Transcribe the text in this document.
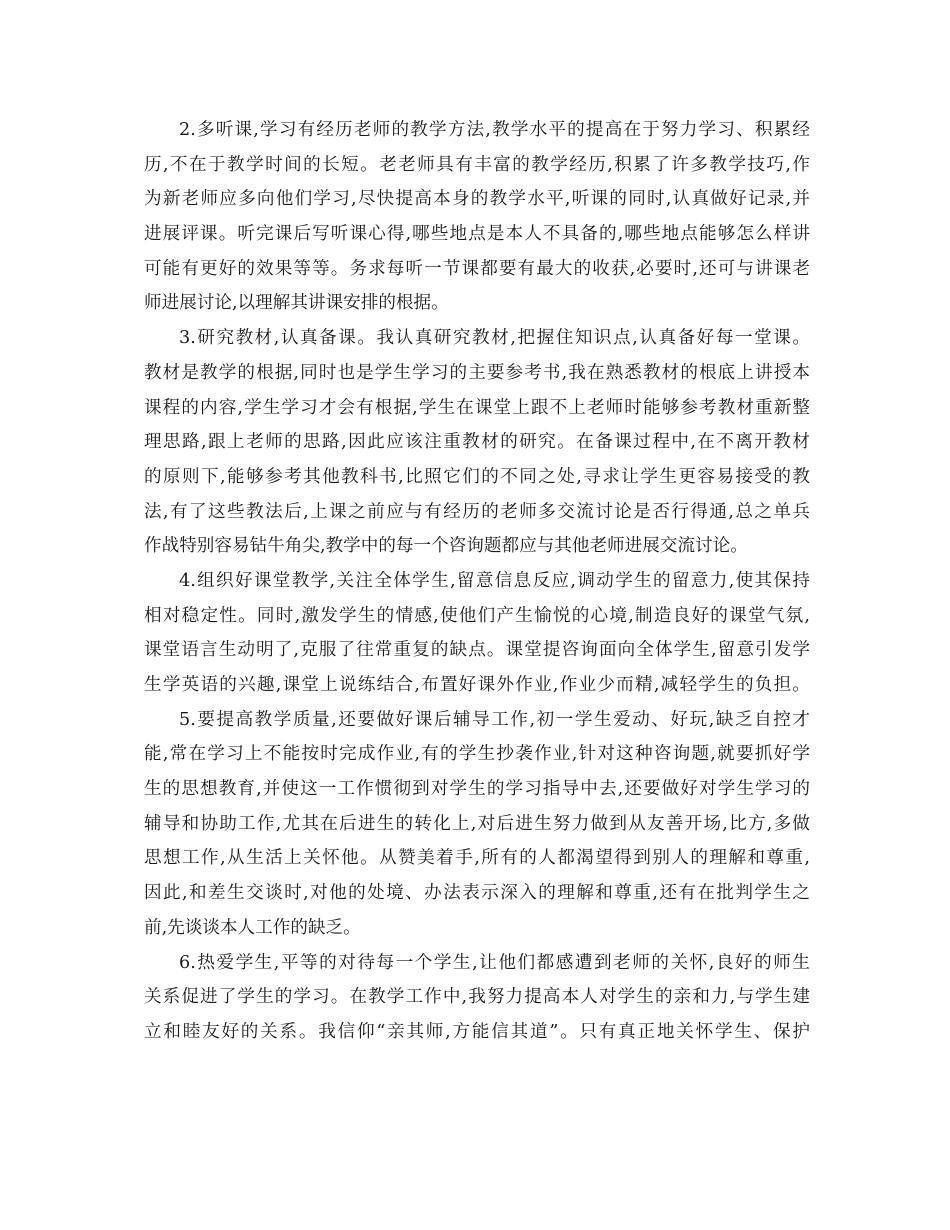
2.多听课,学习有经历老师的教学方法,教学水平的提高在于努力学习、积累经
历,不在于教学时间的长短。老老师具有丰富的教学经历,积累了许多教学技巧,作
为新老师应多向他们学习,尽快提高本身的教学水平,听课的同时,认真做好记录,并
进展评课。听完课后写听课心得,哪些地点是本人不具备的,哪些地点能够怎么样讲
可能有更好的效果等等。务求每听一节课都要有最大的收获,必要时,还可与讲课老
师进展讨论,以理解其讲课安排的根据。
3.研究教材,认真备课。我认真研究教材,把握住知识点,认真备好每一堂课。
教材是教学的根据,同时也是学生学习的主要参考书,我在熟悉教材的根底上讲授本
课程的内容,学生学习才会有根据,学生在课堂上跟不上老师时能够参考教材重新整
理思路,跟上老师的思路,因此应该注重教材的研究。在备课过程中,在不离开教材
的原则下,能够参考其他教科书,比照它们的不同之处,寻求让学生更容易接受的教
法,有了这些教法后,上课之前应与有经历的老师多交流讨论是否行得通,总之单兵
作战特别容易钻牛角尖,教学中的每一个咨询题都应与其他老师进展交流讨论。
4.组织好课堂教学,关注全体学生,留意信息反应,调动学生的留意力,使其保持
相对稳定性。同时,激发学生的情感,使他们产生愉悦的心境,制造良好的课堂气氛,
课堂语言生动明了,克服了往常重复的缺点。课堂提咨询面向全体学生,留意引发学
生学英语的兴趣,课堂上说练结合,布置好课外作业,作业少而精,减轻学生的负担。
5.要提高教学质量,还要做好课后辅导工作,初一学生爱动、好玩,缺乏自控才
能,常在学习上不能按时完成作业,有的学生抄袭作业,针对这种咨询题,就要抓好学
生的思想教育,并使这一工作惯彻到对学生的学习指导中去,还要做好对学生学习的
辅导和协助工作,尤其在后进生的转化上,对后进生努力做到从友善开场,比方,多做
思想工作,从生活上关怀他。从赞美着手,所有的人都渴望得到别人的理解和尊重,
因此,和差生交谈时,对他的处境、办法表示深入的理解和尊重,还有在批判学生之
前,先谈谈本人工作的缺乏。
6.热爱学生,平等的对待每一个学生,让他们都感遭到老师的关怀,良好的师生
关系促进了学生的学习。在教学工作中,我努力提高本人对学生的亲和力,与学生建
立和睦友好的关系。我信仰“亲其师,方能信其道”。只有真正地关怀学生、保护
